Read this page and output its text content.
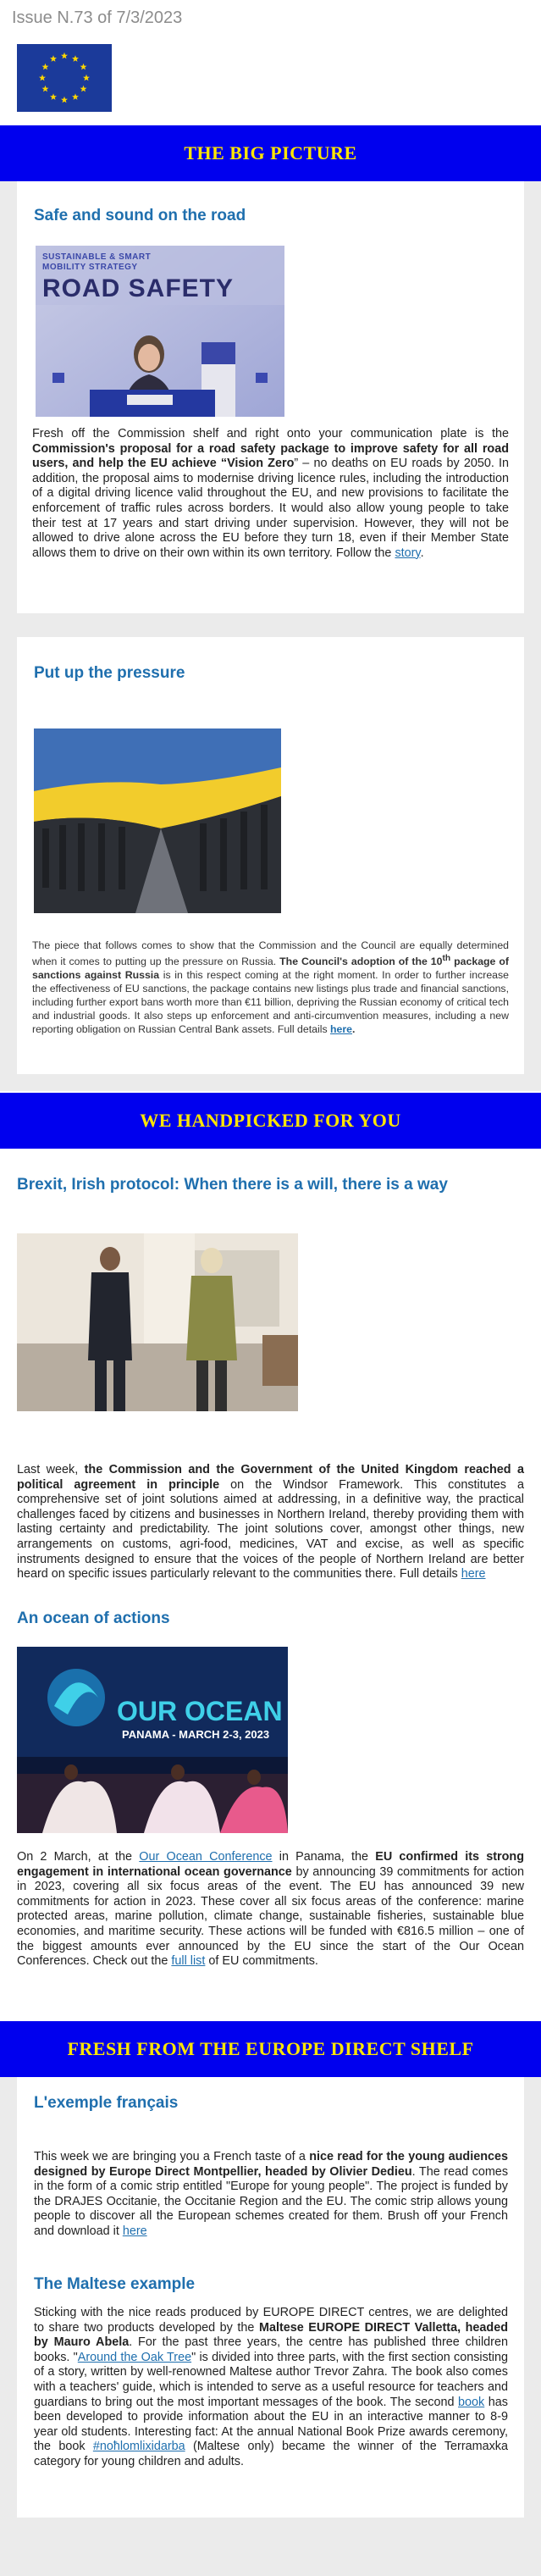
Issue N.73 of 7/3/2023
THE BIG PICTURE
Safe and sound on the road
SUSTAINABLE & SMART
MOBILITY STRATEGY
ROAD SAFETY

Fresh off the Commission shelf and right onto your communication plate is the Commission's proposal for a road safety package to improve safety for all road users, and help the EU achieve “Vision Zero” – no deaths on EU roads by 2050. In addition, the proposal aims to modernise driving licence rules, including the introduction of a digital driving licence valid throughout the EU, and new provisions to facilitate the enforcement of traffic rules across borders. It would also allow young people to take their test at 17 years and start driving under supervision. However, they will not be allowed to drive alone across the EU before they turn 18, even if their Member State allows them to drive on their own within its own territory. Follow the story.

Put up the pressure

The piece that follows comes to show that the Commission and the Council are equally determined when it comes to putting up the pressure on Russia. The Council's adoption of the 10th package of sanctions against Russia is in this respect coming at the right moment. In order to further increase the effectiveness of EU sanctions, the package contains new listings plus trade and financial sanctions, including further export bans worth more than €11 billion, depriving the Russian economy of critical tech and industrial goods. It also steps up enforcement and anti-circumvention measures, including a new reporting obligation on Russian Central Bank assets. Full details here.

WE HANDPICKED FOR YOU
Brexit, Irish protocol: When there is a will, there is a way

Last week, the Commission and the Government of the United Kingdom reached a political agreement in principle on the Windsor Framework. This constitutes a comprehensive set of joint solutions aimed at addressing, in a definitive way, the practical challenges faced by citizens and businesses in Northern Ireland, thereby providing them with lasting certainty and predictability. The joint solutions cover, amongst other things, new arrangements on customs, agri-food, medicines, VAT and excise, as well as specific instruments designed to ensure that the voices of the people of Northern Ireland are better heard on specific issues particularly relevant to the communities there. Full details here

An ocean of actions
OUR OCEAN
PANAMA - MARCH 2-3, 2023

On 2 March, at the Our Ocean Conference in Panama, the EU confirmed its strong engagement in international ocean governance by announcing 39 commitments for action in 2023, covering all six focus areas of the event. The EU has announced 39 new commitments for action in 2023. These cover all six focus areas of the conference: marine protected areas, marine pollution, climate change, sustainable fisheries, sustainable blue economies, and maritime security. These actions will be funded with €816.5 million – one of the biggest amounts ever announced by the EU since the start of the Our Ocean Conferences. Check out the full list of EU commitments.

FRESH FROM THE EUROPE DIRECT SHELF
L'exemple français

This week we are bringing you a French taste of a nice read for the young audiences designed by Europe Direct Montpellier, headed by Olivier Dedieu. The read comes in the form of a comic strip entitled "Europe for young people". The project is funded by the DRAJES Occitanie, the Occitanie Region and the EU. The comic strip allows young people to discover all the European schemes created for them. Brush off your French and download it here

The Maltese example

Sticking with the nice reads produced by EUROPE DIRECT centres, we are delighted to share two products developed by the Maltese EUROPE DIRECT Valletta, headed by Mauro Abela. For the past three years, the centre has published three children books. "Around the Oak Tree" is divided into three parts, with the first section consisting of a story, written by well-renowned Maltese author Trevor Zahra. The book also comes with a teachers' guide, which is intended to serve as a useful resource for teachers and guardians to bring out the most important messages of the book. The second book has been developed to provide information about the EU in an interactive manner to 8-9 year old students. Interesting fact: At the annual National Book Prize awards ceremony, the book #noħlomlixidarba (Maltese only) became the winner of the Terramaxka category for young children and adults.
